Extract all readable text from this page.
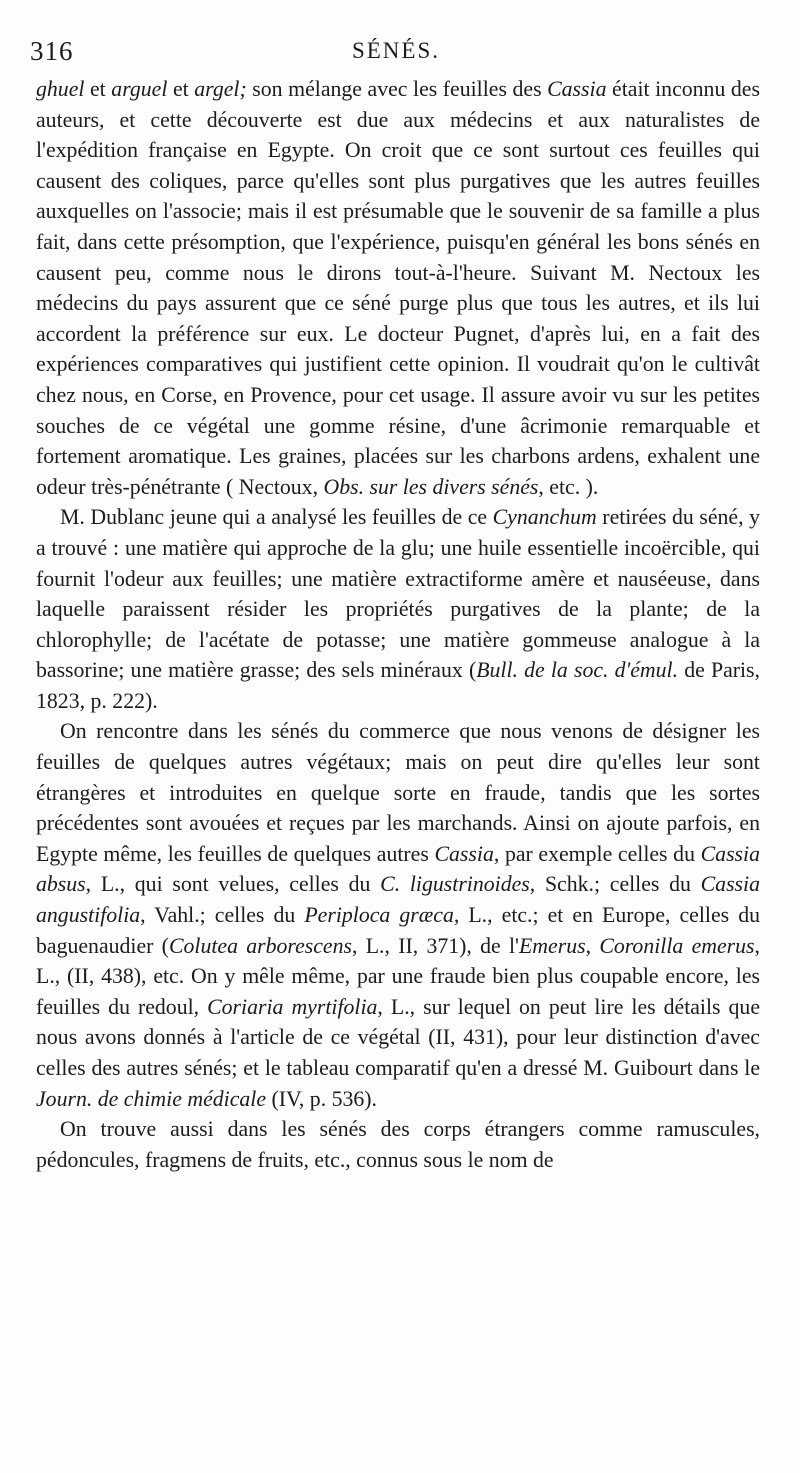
316	SÉNÉS.

ghuel et arguel et argel; son mélange avec les feuilles des Cassia était inconnu des auteurs, et cette découverte est due aux médecins et aux naturalistes de l'expédition française en Egypte. On croit que ce sont surtout ces feuilles qui causent des coliques, parce qu'elles sont plus purgatives que les autres feuilles auxquelles on l'associe; mais il est présumable que le souvenir de sa famille a plus fait, dans cette présomption, que l'expérience, puisqu'en général les bons sénés en causent peu, comme nous le dirons tout-à-l'heure. Suivant M. Nectoux les médecins du pays assurent que ce séné purge plus que tous les autres, et ils lui accordent la préférence sur eux. Le docteur Pugnet, d'après lui, en a fait des expériences comparatives qui justifient cette opinion. Il voudrait qu'on le cultivât chez nous, en Corse, en Provence, pour cet usage. Il assure avoir vu sur les petites souches de ce végétal une gomme résine, d'une âcrimonie remarquable et fortement aromatique. Les graines, placées sur les charbons ardens, exhalent une odeur très-pénétrante ( Nectoux, Obs. sur les divers sénés, etc. ).

M. Dublanc jeune qui a analysé les feuilles de ce Cynanchum retirées du séné, y a trouvé : une matière qui approche de la glu; une huile essentielle incoërcible, qui fournit l'odeur aux feuilles; une matière extractiforme amère et nauséeuse, dans laquelle paraissent résider les propriétés purgatives de la plante; de la chlorophylle; de l'acétate de potasse; une matière gommeuse analogue à la bassorine; une matière grasse; des sels minéraux (Bull. de la soc. d'émul. de Paris, 1823, p. 222).

On rencontre dans les sénés du commerce que nous venons de désigner les feuilles de quelques autres végétaux; mais on peut dire qu'elles leur sont étrangères et introduites en quelque sorte en fraude, tandis que les sortes précédentes sont avouées et reçues par les marchands. Ainsi on ajoute parfois, en Egypte même, les feuilles de quelques autres Cassia, par exemple celles du Cassia absus, L., qui sont velues, celles du C. ligustrinoides, Schk.; celles du Cassia angustifolia, Vahl.; celles du Periploca græca, L., etc.; et en Europe, celles du baguenaudier (Colutea arborescens, L., II, 371), de l'Emerus, Coronilla emerus, L., (II, 438), etc. On y mêle même, par une fraude bien plus coupable encore, les feuilles du redoul, Coriaria myrtifolia, L., sur lequel on peut lire les détails que nous avons donnés à l'article de ce végétal (II, 431), pour leur distinction d'avec celles des autres sénés; et le tableau comparatif qu'en a dressé M. Guibourt dans le Journ. de chimie médicale (IV, p. 536).

On trouve aussi dans les sénés des corps étrangers comme ramuscules, pédoncules, fragmens de fruits, etc., connus sous le nom de
